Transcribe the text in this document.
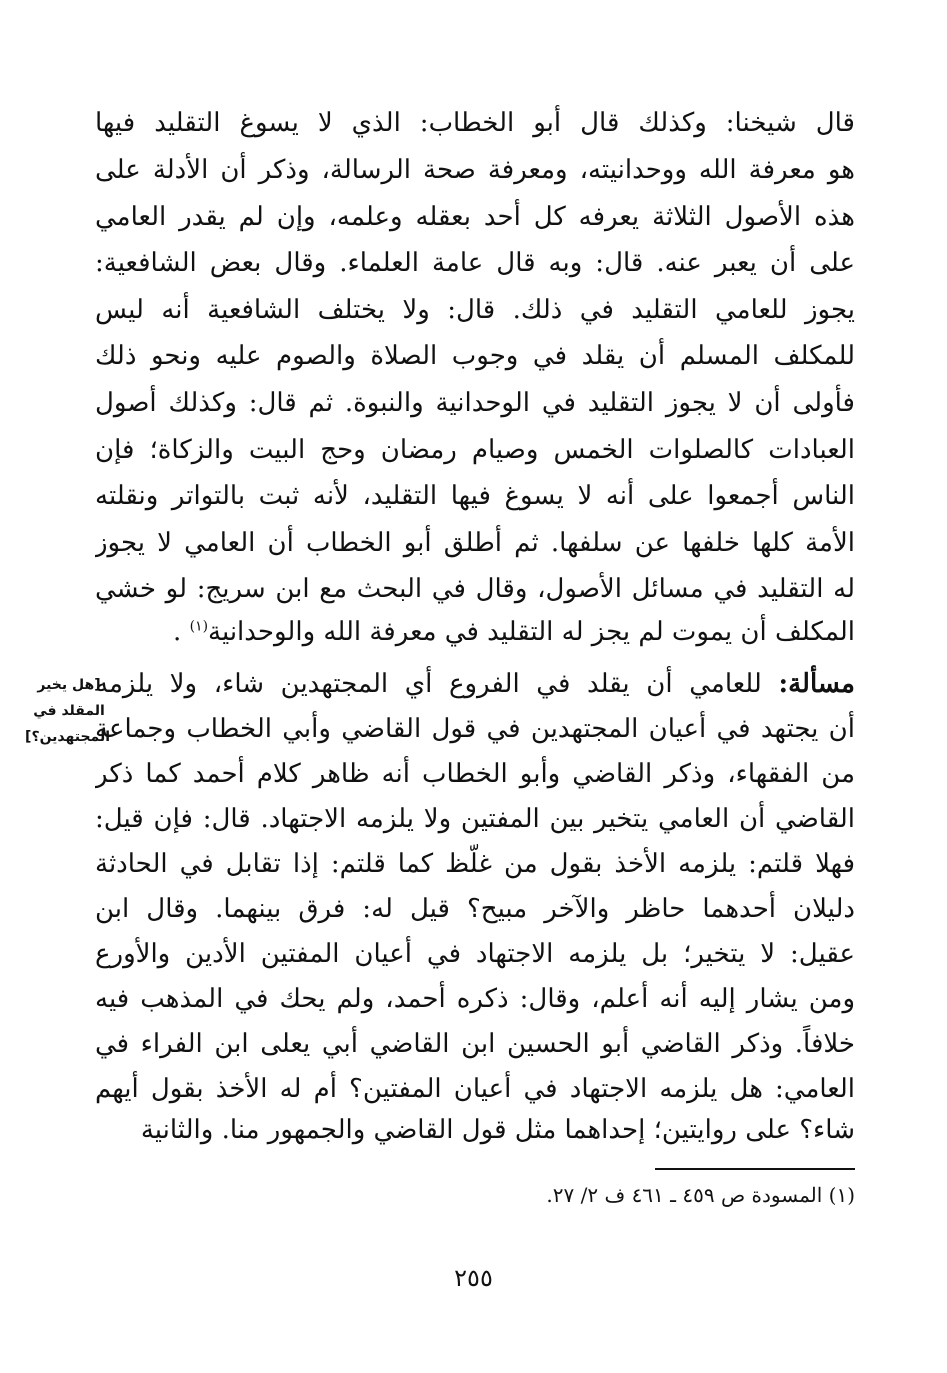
قال شيخنا: وكذلك قال أبو الخطاب: الذي لا يسوغ التقليد فيها
هو معرفة الله ووحدانيته، ومعرفة صحة الرسالة، وذكر أن الأدلة على
هذه الأصول الثلاثة يعرفه كل أحد بعقله وعلمه، وإن لم يقدر العامي
على أن يعبر عنه. قال: وبه قال عامة العلماء. وقال بعض الشافعية:
يجوز للعامي التقليد في ذلك. قال: ولا يختلف الشافعية أنه ليس
للمكلف المسلم أن يقلد في وجوب الصلاة والصوم عليه ونحو ذلك
فأولى أن لا يجوز التقليد في الوحدانية والنبوة. ثم قال: وكذلك أصول
العبادات كالصلوات الخمس وصيام رمضان وحج البيت والزكاة؛ فإن
الناس أجمعوا على أنه لا يسوغ فيها التقليد، لأنه ثبت بالتواتر ونقلته
الأمة كلها خلفها عن سلفها. ثم أطلق أبو الخطاب أن العامي لا يجوز
له التقليد في مسائل الأصول، وقال في البحث مع ابن سريج: لو خشي
المكلف أن يموت لم يجز له التقليد في معرفة الله والوحدانية$^{(١)}$ .
مسألة: للعامي أن يقلد في الفروع أي المجتهدين شاء، ولا يلزمه
أن يجتهد في أعيان المجتهدين في قول القاضي وأبي الخطاب وجماعة
من الفقهاء، وذكر القاضي وأبو الخطاب أنه ظاهر كلام أحمد كما ذكر
القاضي أن العامي يتخير بين المفتين ولا يلزمه الاجتهاد. قال: فإن قيل:
فهلا قلتم: يلزمه الأخذ بقول من غلّظ كما قلتم: إذا تقابل في الحادثة
دليلان أحدهما حاظر والآخر مبيح؟ قيل له: فرق بينهما. وقال ابن
عقيل: لا يتخير؛ بل يلزمه الاجتهاد في أعيان المفتين الأدين والأورع
ومن يشار إليه أنه أعلم، وقال: ذكره أحمد، ولم يحك في المذهب فيه
خلافاً. وذكر القاضي أبو الحسين ابن القاضي أبي يعلى ابن الفراء في
العامي: هل يلزمه الاجتهاد في أعيان المفتين؟ أم له الأخذ بقول أيهم
شاء؟ على روايتين؛ إحداهما مثل قول القاضي والجمهور منا. والثانية
[هل يخير
المقلد في
المجتهدين؟]
(١) المسودة ص ٤٥٩ ـ ٤٦١ ف ٢/ ٢٧.
٢٥٥
